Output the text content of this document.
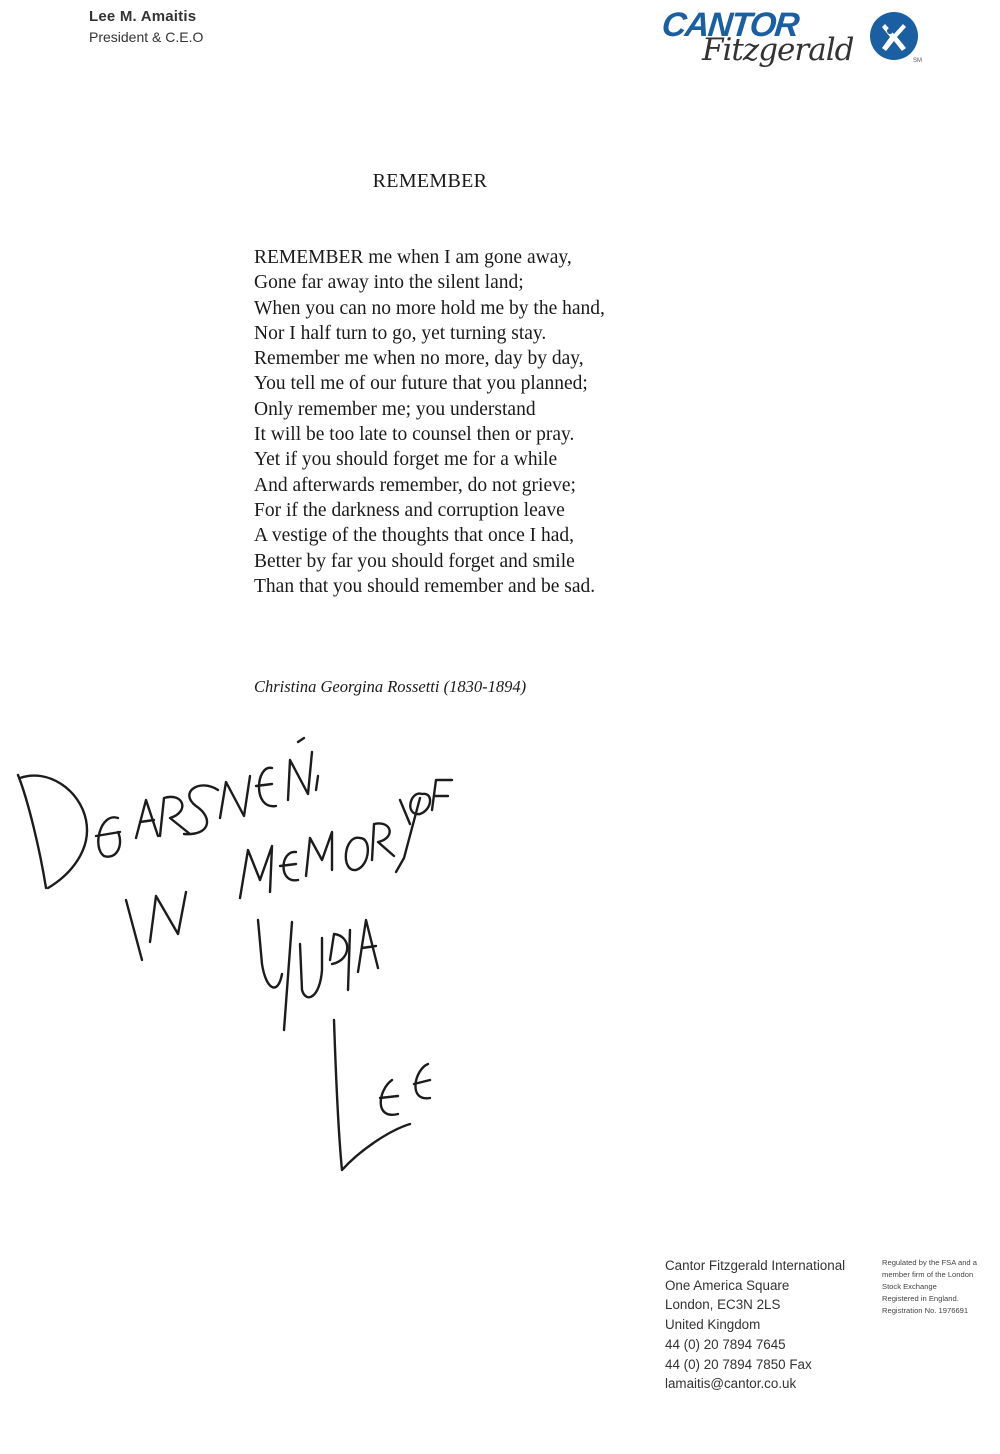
Lee M. Amaitis
President & C.E.O	CANTOR
Fitzgerald	SM
REMEMBER
REMEMBER me when I am gone away,
Gone far away into the silent land;
When you can no more hold me by the hand,
Nor I half turn to go, yet turning stay.
Remember me when no more, day by day,
You tell me of our future that you planned;
Only remember me; you understand
It will be too late to counsel then or pray.
Yet if you should forget me for a while
And afterwards remember, do not grieve;
For if the darkness and corruption leave
A vestige of the thoughts that once I had,
Better by far you should forget and smile
Than that you should remember and be sad.
Christina Georgina Rossetti (1830-1894)
Cantor Fitzgerald International
One America Square
London, EC3N 2LS
United Kingdom
44 (0) 20 7894 7645
44 (0) 20 7894 7850 Fax
lamaitis@cantor.co.uk
Regulated by the FSA and a
member firm of the London
Stock Exchange
Registered in England.
Registration No. 1976691
